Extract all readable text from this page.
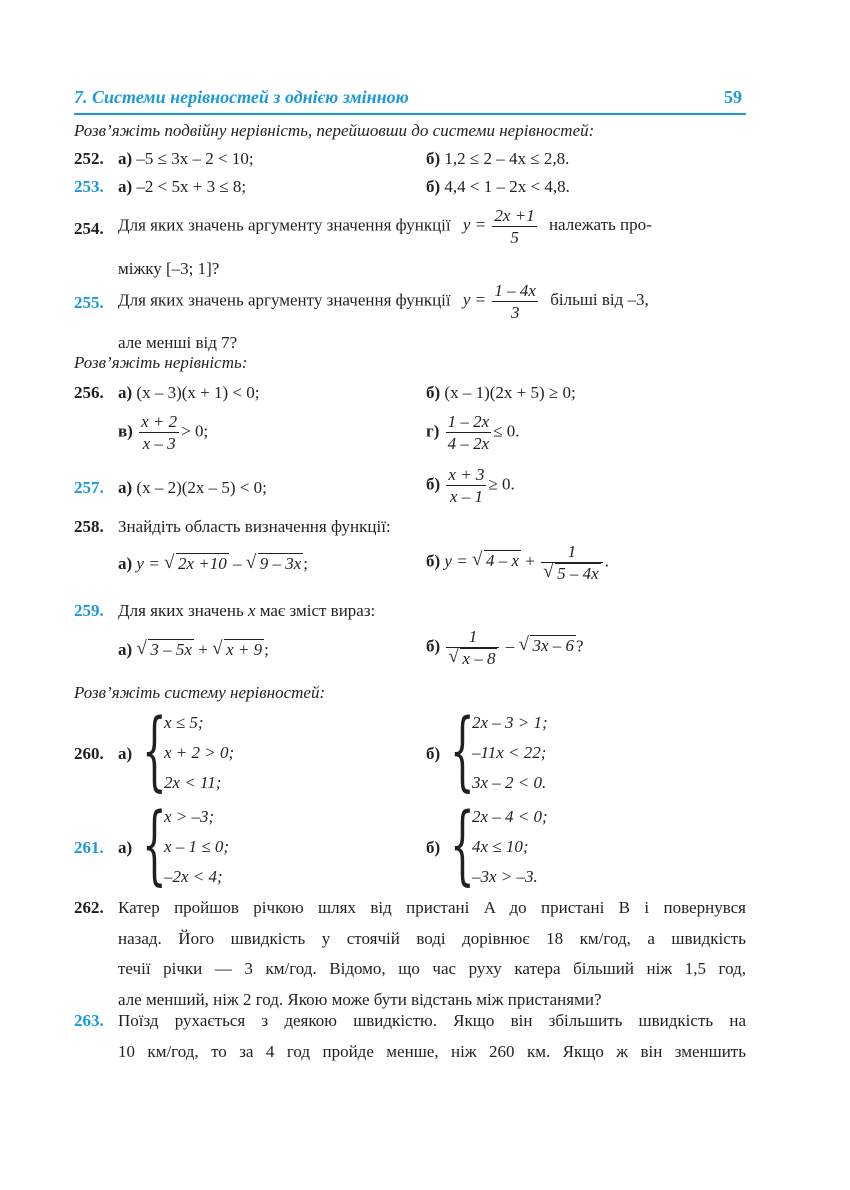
7. Системи нерівностей з однією змінною	59
Розв’яжіть подвійну нерівність, перейшовши до системи нерівностей:
252. а) –5 ≤ 3x – 2 < 10;	б) 1,2 ≤ 2 – 4x ≤ 2,8.
253. а) –2 < 5x + 3 ≤ 8;	б) 4,4 < 1 – 2x < 4,8.
254. Для яких значень аргументу значення функції $y = \frac{2x +1}{5}$ належать про-
міжку [–3; 1]?
255. Для яких значень аргументу значення функції $y = \frac{1 - 4x}{3}$ більші від –3,
але менші від 7?
Розв’яжіть нерівність:
256. а) (x – 3)(x + 1) < 0;	б) (x – 1)(2x + 5) ≥ 0;
$в) \frac{x + 2}{x - 3} > 0$;	$г) \frac{1 - 2x}{4 - 2x} \le 0$.
257. а) (x – 2)(2x – 5) < 0;	$б) \frac{x + 3}{x - 1} \ge 0$.
258. Знайдіть область визначення функції:
а) y = √ 2x +10 – √ 9 – 3x ;	б) y = √ 4 – x + 1
√ 5 – 4x .
259. Для яких значень x має зміст вираз:
а) √ 3 – 5x + √ x + 9 ;	б) 1
√ x – 8 – √ 3x – 6 ?
Розв’яжіть систему нерівностей:
260. а) {
x ≤ 5;
x + 2 > 0;
2x < 11;
б) {
2x – 3 > 1;
–11x < 22;
3x – 2 < 0.
261. а) {
x > –3;
x – 1 ≤ 0;
–2x < 4;
б) {
2x – 4 < 0;
4x ≤ 10;
–3x > –3.
262. Катер пройшов річкою шлях від пристані A до пристані B і повернувся
назад. Його швидкість у стоячій воді дорівнює 18 км/год, а швидкість
течії річки — 3 км/год. Відомо, що час руху катера більший ніж 1,5 год,
але менший, ніж 2 год. Якою може бути відстань між пристанями?
263. Поїзд рухається з деякою швидкістю. Якщо він збільшить швидкість на
10 км/год, то за 4 год пройде менше, ніж 260 км. Якщо ж він зменшить
